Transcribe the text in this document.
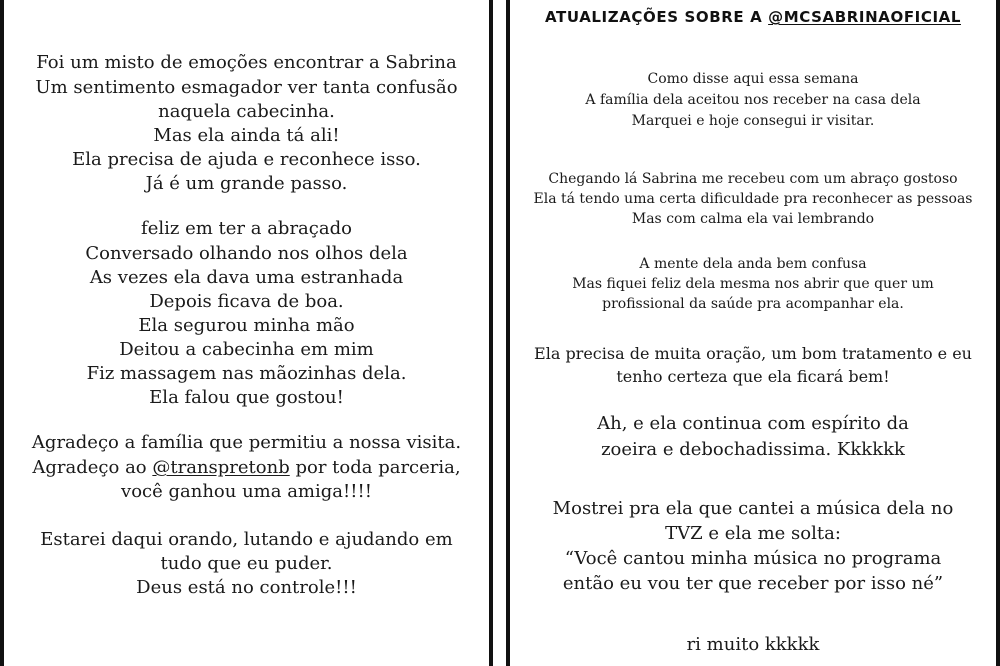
Foi um misto de emoções encontrar a Sabrina

Um sentimento esmagador ver tanta confusão

naquela cabecinha.

Mas ela ainda tá ali!

Ela precisa de ajuda e reconhece isso.

Já é um grande passo.

feliz em ter a abraçado

Conversado olhando nos olhos dela

As vezes ela dava uma estranhada

Depois ficava de boa.

Ela segurou minha mão

Deitou a cabecinha em mim

Fiz massagem nas mãozinhas dela.

Ela falou que gostou!

Agradeço a família que permitiu a nossa visita.

Agradeço ao @transpretonb por toda parceria,

você ganhou uma amiga!!!!

Estarei daqui orando, lutando e ajudando em

tudo que eu puder.

Deus está no controle!!!

ATUALIZAÇÕES SOBRE A @MCSABRINAOFICIAL

Como disse aqui essa semana

A família dela aceitou nos receber na casa dela

Marquei e hoje consegui ir visitar.

Chegando lá Sabrina me recebeu com um abraço gostoso

Ela tá tendo uma certa dificuldade pra reconhecer as pessoas

Mas com calma ela vai lembrando

A mente dela anda bem confusa

Mas fiquei feliz dela mesma nos abrir que quer um

profissional da saúde pra acompanhar ela.

Ela precisa de muita oração, um bom tratamento e eu

tenho certeza que ela ficará bem!

Ah, e ela continua com espírito da

zoeira e debochadissima. Kkkkkk

Mostrei pra ela que cantei a música dela no

TVZ e ela me solta:

“Você cantou minha música no programa

então eu vou ter que receber por isso né”

ri muito kkkkk
